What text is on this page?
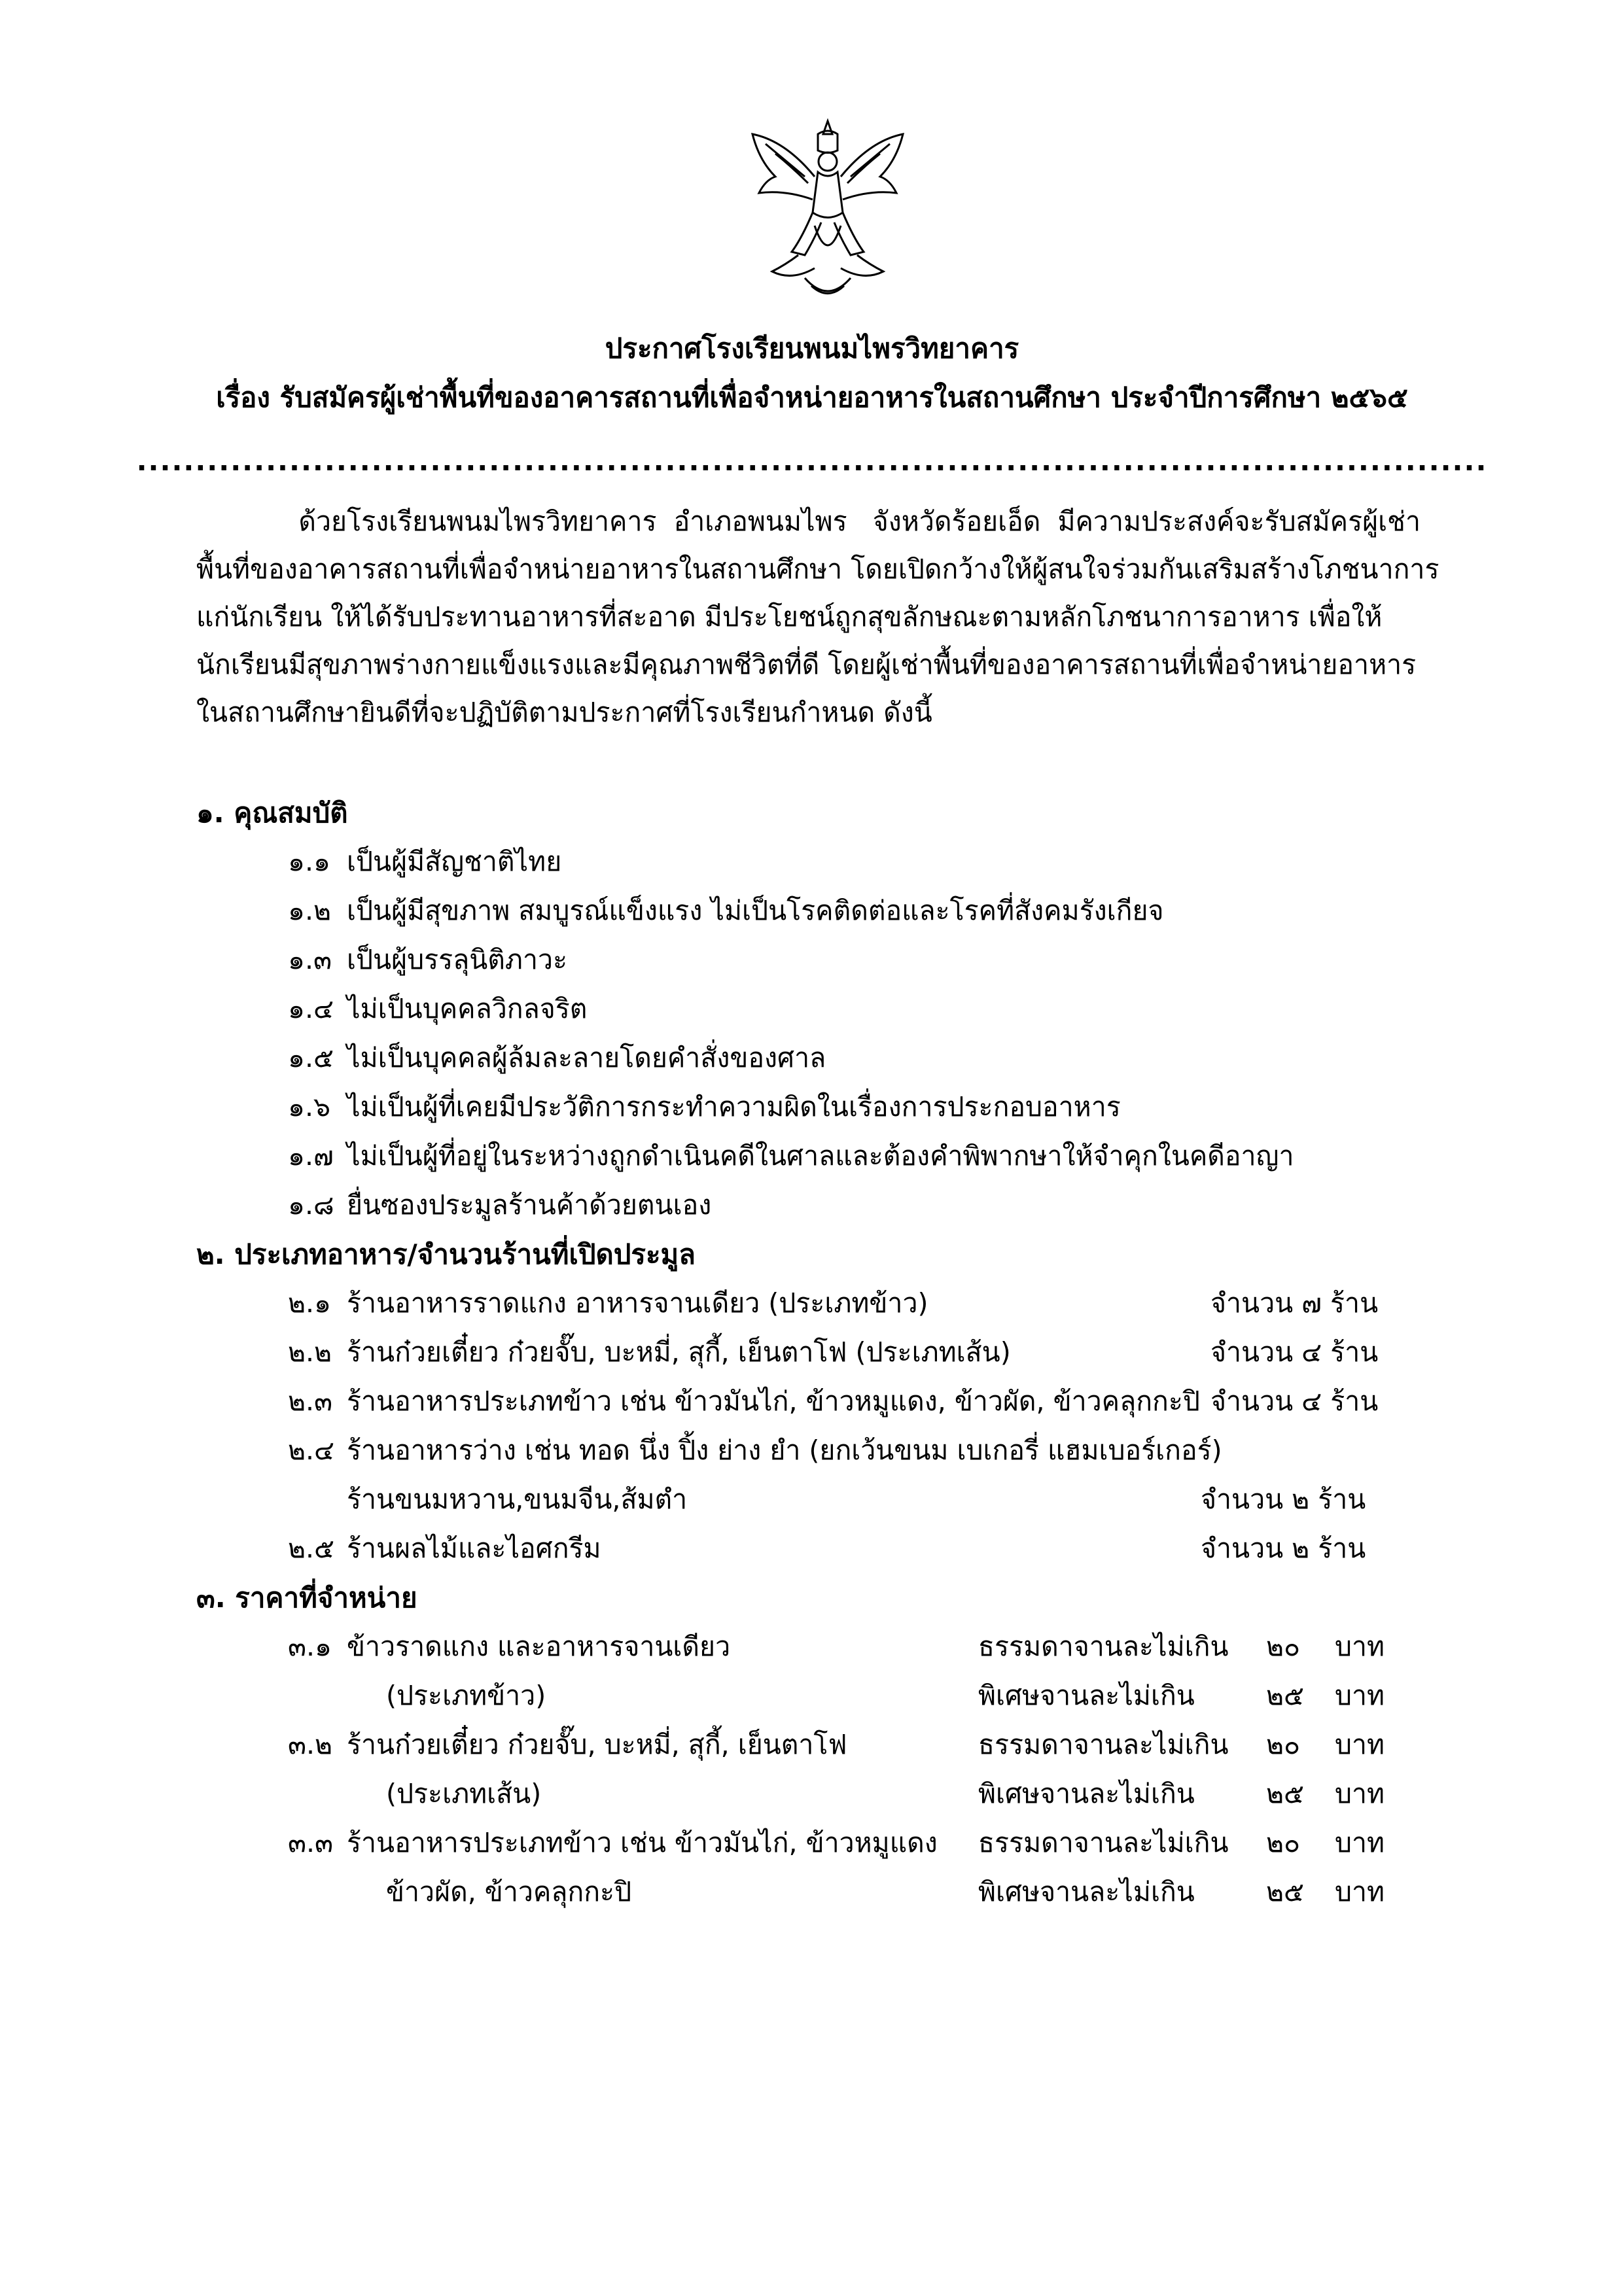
ประกาศโรงเรียนพนมไพรวิทยาคาร
เรื่อง รับสมัครผู้เช่าพื้นที่ของอาคารสถานที่เพื่อจำหน่ายอาหารในสถานศึกษา ประจำปีการศึกษา ๒๕๖๕
...................................................................................................................
ด้วยโรงเรียนพนมไพรวิทยาคาร  อำเภอพนมไพร   จังหวัดร้อยเอ็ด  มีความประสงค์จะรับสมัครผู้เช่า
พื้นที่ของอาคารสถานที่เพื่อจำหน่ายอาหารในสถานศึกษา โดยเปิดกว้างให้ผู้สนใจร่วมกันเสริมสร้างโภชนาการ
แก่นักเรียน ให้ได้รับประทานอาหารที่สะอาด มีประโยชน์ถูกสุขลักษณะตามหลักโภชนาการอาหาร เพื่อให้
นักเรียนมีสุขภาพร่างกายแข็งแรงและมีคุณภาพชีวิตที่ดี โดยผู้เช่าพื้นที่ของอาคารสถานที่เพื่อจำหน่ายอาหาร
ในสถานศึกษายินดีที่จะปฏิบัติตามประกาศที่โรงเรียนกำหนด ดังนี้
๑. คุณสมบัติ
๑.๑ เป็นผู้มีสัญชาติไทย
๑.๒ เป็นผู้มีสุขภาพ สมบูรณ์แข็งแรง ไม่เป็นโรคติดต่อและโรคที่สังคมรังเกียจ
๑.๓ เป็นผู้บรรลุนิติภาวะ
๑.๔ ไม่เป็นบุคคลวิกลจริต
๑.๕ ไม่เป็นบุคคลผู้ล้มละลายโดยคำสั่งของศาล
๑.๖ ไม่เป็นผู้ที่เคยมีประวัติการกระทำความผิดในเรื่องการประกอบอาหาร
๑.๗ ไม่เป็นผู้ที่อยู่ในระหว่างถูกดำเนินคดีในศาลและต้องคำพิพากษาให้จำคุกในคดีอาญา
๑.๘ ยื่นซองประมูลร้านค้าด้วยตนเอง
๒. ประเภทอาหาร/จำนวนร้านที่เปิดประมูล
๒.๑ ร้านอาหารราดแกง อาหารจานเดียว (ประเภทข้าว)	จำนวน ๗ ร้าน
๒.๒ ร้านก๋วยเตี๋ยว ก๋วยจั๊บ, บะหมี่, สุกี้, เย็นตาโฟ (ประเภทเส้น)	จำนวน ๔ ร้าน
๒.๓ ร้านอาหารประเภทข้าว เช่น ข้าวมันไก่, ข้าวหมูแดง, ข้าวผัด, ข้าวคลุกกะปิ จำนวน ๔ ร้าน
๒.๔ ร้านอาหารว่าง เช่น ทอด นึ่ง ปิ้ง ย่าง ยำ (ยกเว้นขนม เบเกอรี่ แฮมเบอร์เกอร์)
ร้านขนมหวาน,ขนมจีน,ส้มตำ	จำนวน ๒ ร้าน
๒.๕ ร้านผลไม้และไอศกรีม	จำนวน ๒ ร้าน
๓. ราคาที่จำหน่าย
๓.๑ ข้าวราดแกง และอาหารจานเดียว	ธรรมดาจานละไม่เกิน ๒๐ บาท
(ประเภทข้าว)	พิเศษจานละไม่เกิน	๒๕ บาท
๓.๒ ร้านก๋วยเตี๋ยว ก๋วยจั๊บ, บะหมี่, สุกี้, เย็นตาโฟ	ธรรมดาจานละไม่เกิน ๒๐ บาท
(ประเภทเส้น)	พิเศษจานละไม่เกิน	๒๕ บาท
๓.๓ ร้านอาหารประเภทข้าว เช่น ข้าวมันไก่, ข้าวหมูแดง ธรรมดาจานละไม่เกิน ๒๐ บาท
ข้าวผัด, ข้าวคลุกกะปิ	พิเศษจานละไม่เกิน	๒๕ บาท
